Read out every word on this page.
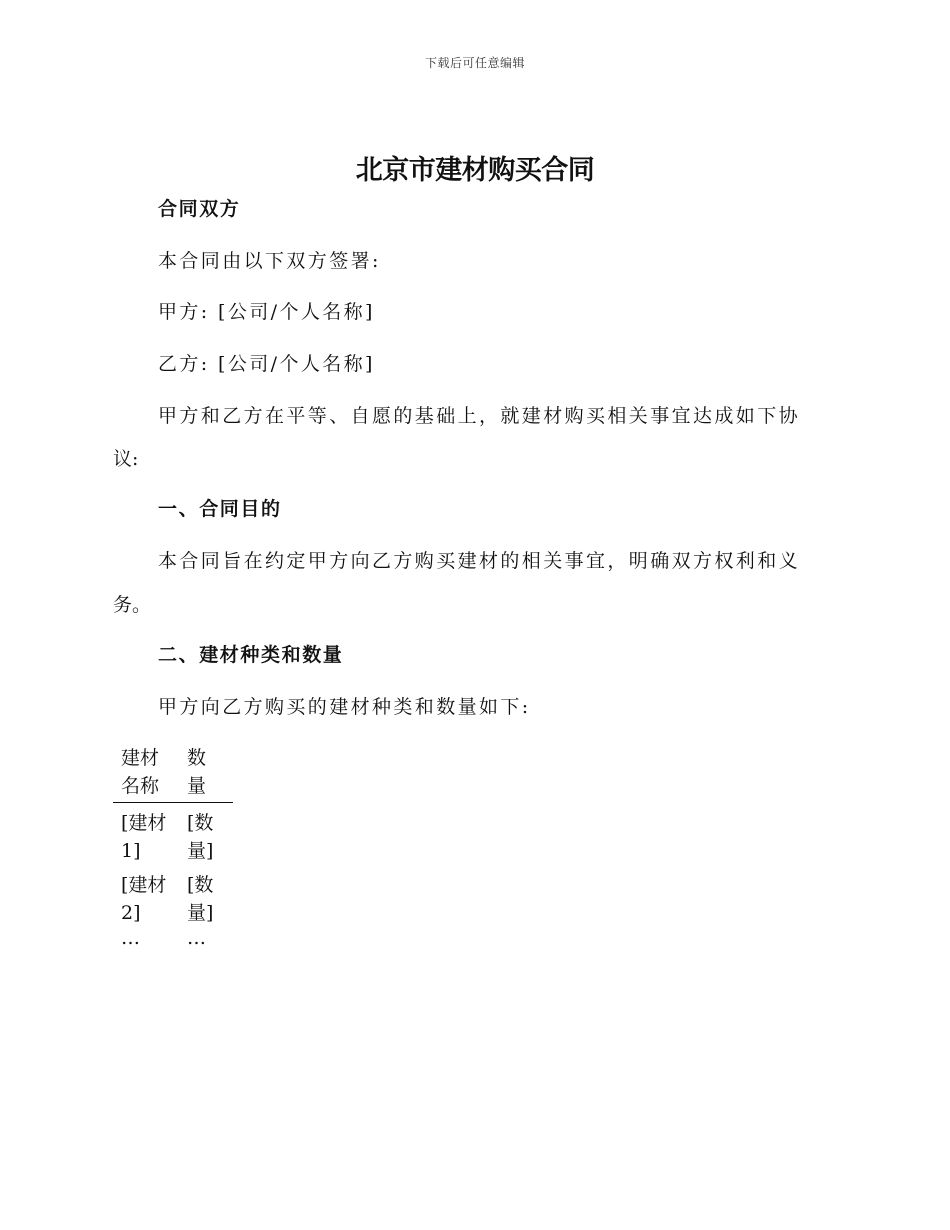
下载后可任意编辑
北京市建材购买合同
合同双方
本合同由以下双方签署:
甲方: [公司/个人名称]
乙方: [公司/个人名称]
甲方和乙方在平等、自愿的基础上，就建材购买相关事宜达成如下协
议:
一、合同目的
本合同旨在约定甲方向乙方购买建材的相关事宜，明确双方权利和义
务。
二、建材种类和数量
甲方向乙方购买的建材种类和数量如下:
建材名称	数量

[建材1]	[数量]

[建材2]	[数量]

…	…
